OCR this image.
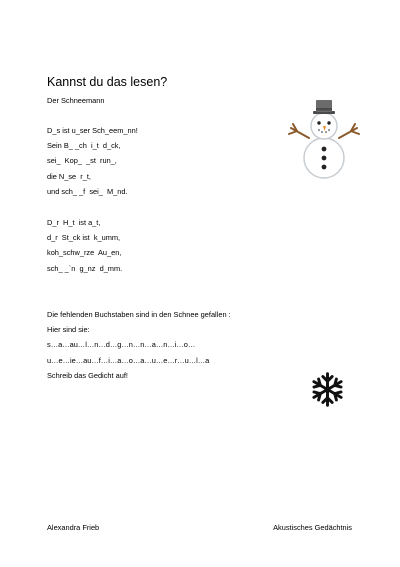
Kannst du das lesen?
Der Schneemann
D_s ist u_ser Sch_eem_nn!
Sein B_ _ch  i_t  d_ck,
sei_  Kop_  _st  run_,
die N_se  r_t,
und sch_ _f  sei_  M_nd.
D_r  H_t  ist a_t,
d_r  St_ck ist  k_umm,
koh_schw_rze  Au_en,
sch_ _`n  g_nz  d_mm.
Die fehlenden Buchstaben sind in den Schnee gefallen :
Hier sind sie:
s…a…au…l…n…d…g…n…n…a…n…i…o…
u…e…ie…au…f…i…a…o…a…u…e…r…u…l…a
Schreib das Gedicht auf!
Alexandra Frieb	Akustisches Gedächtnis
